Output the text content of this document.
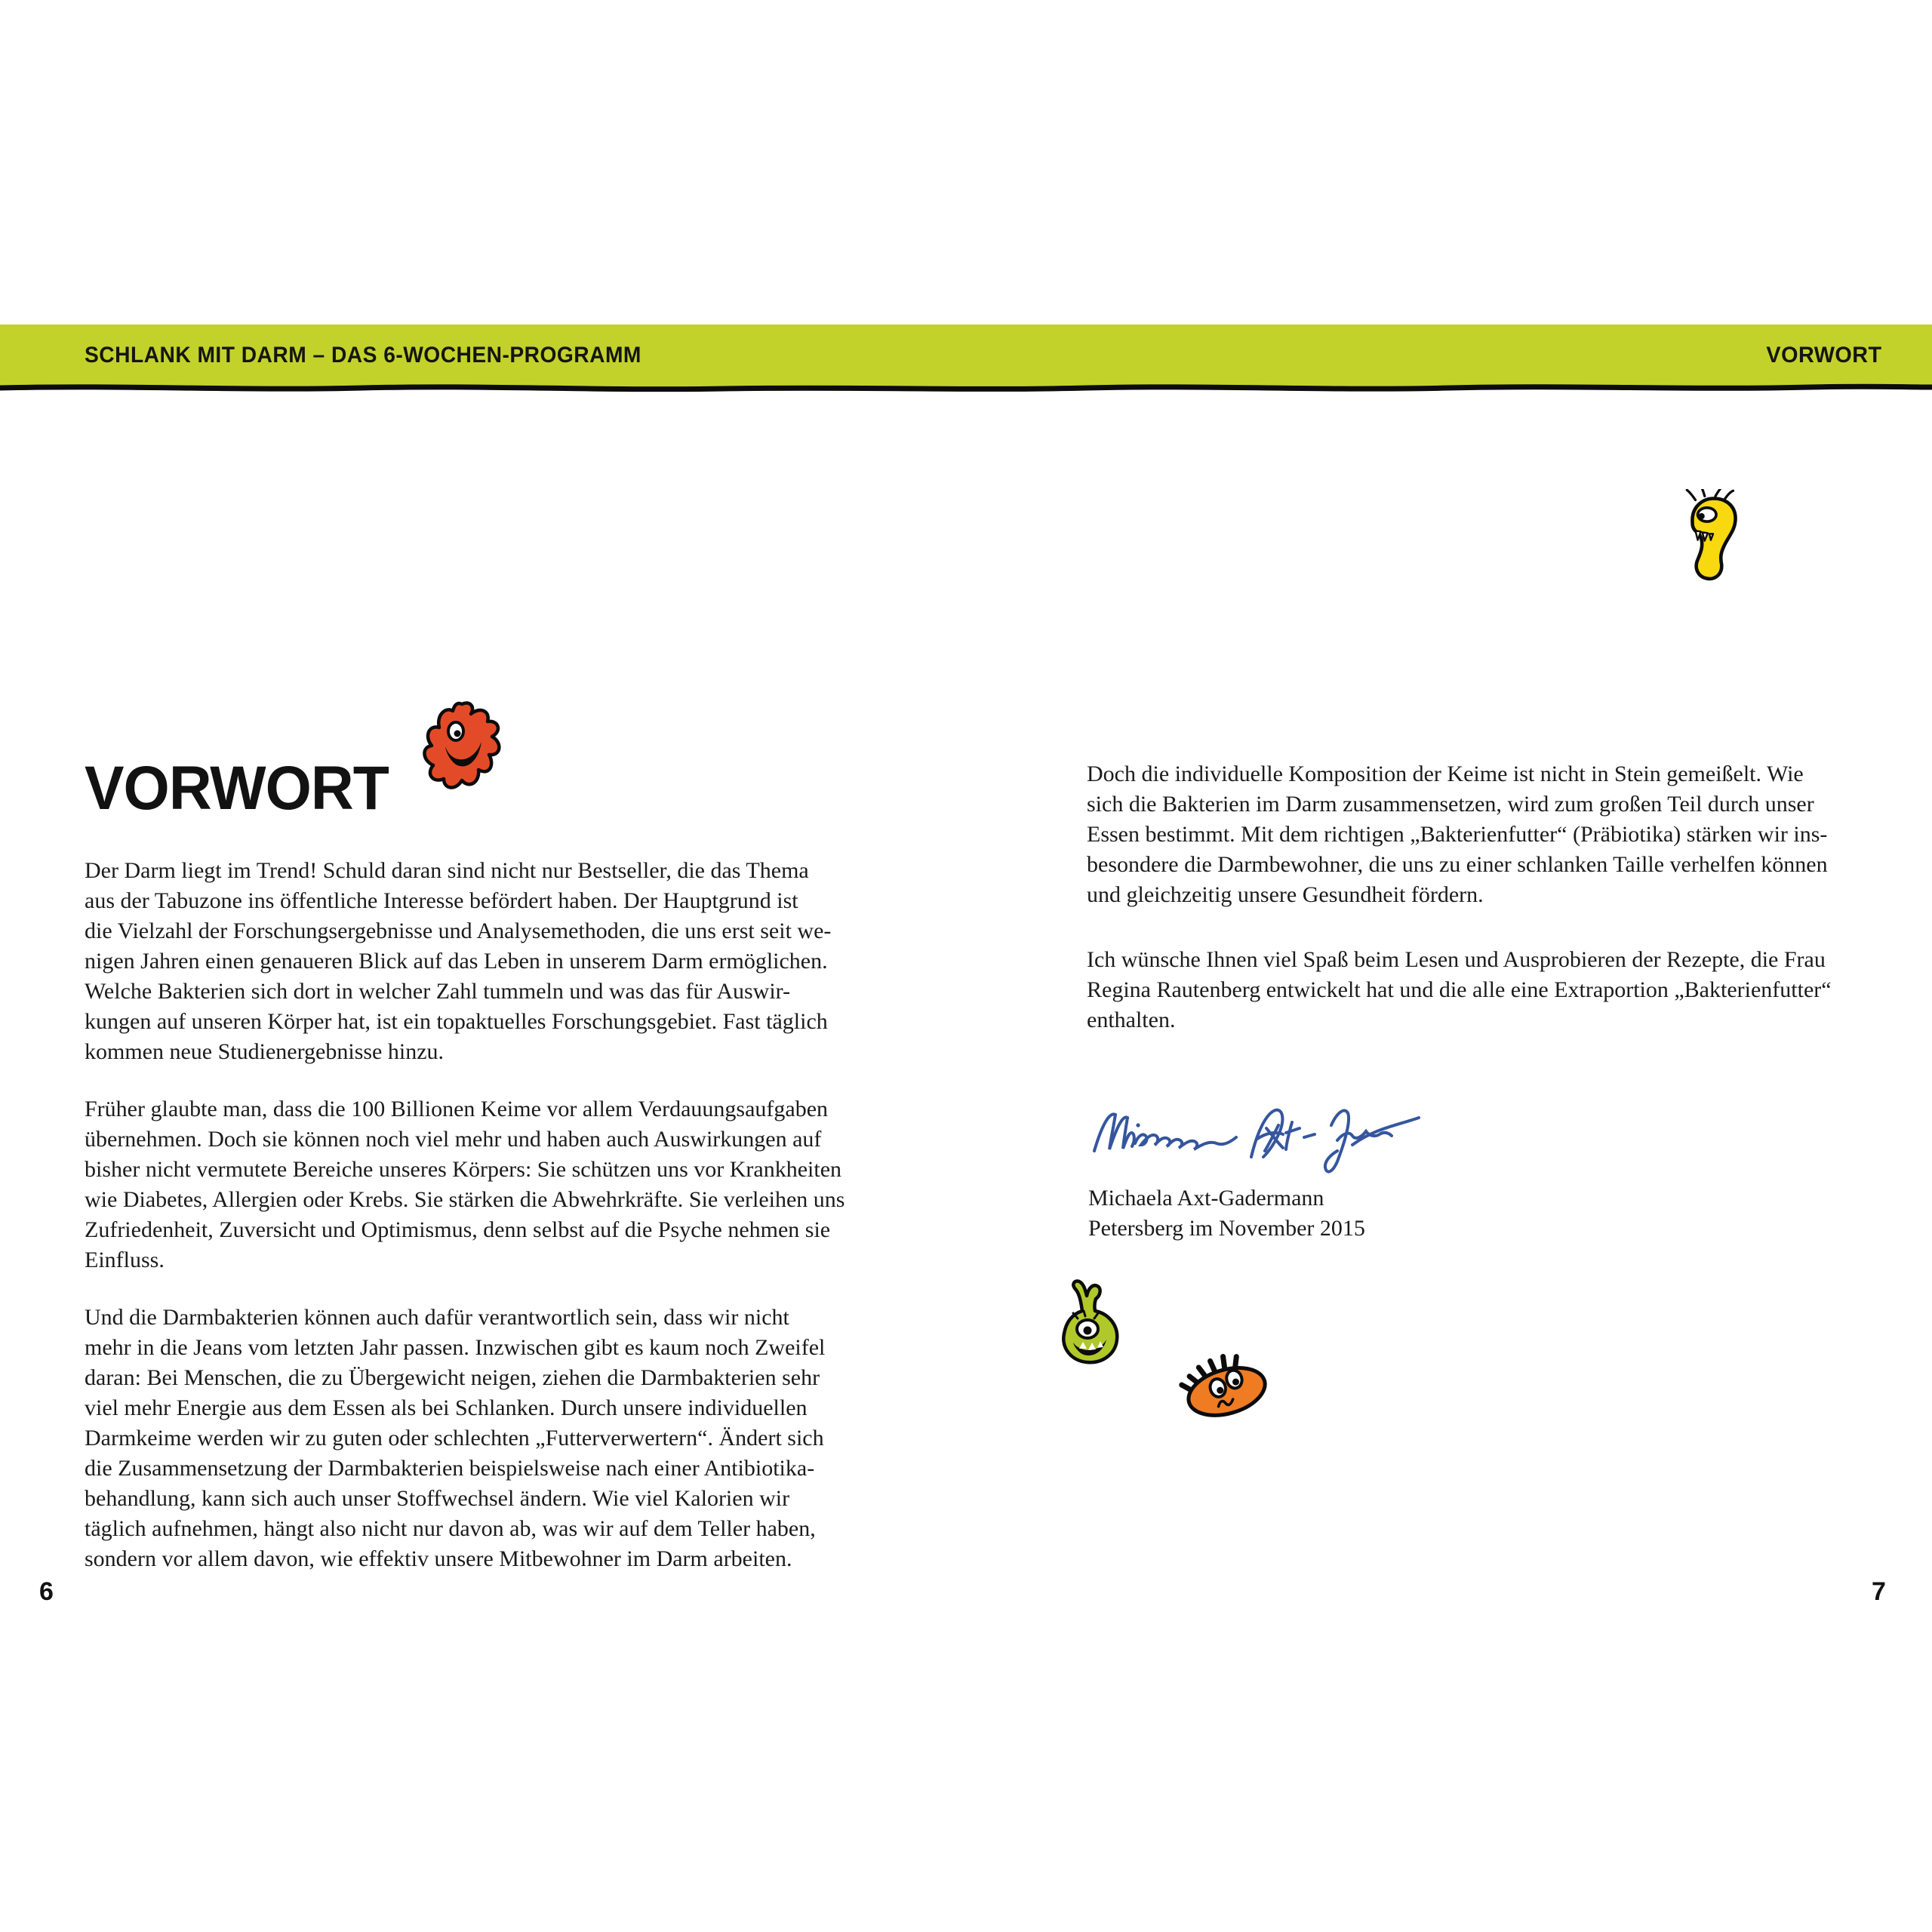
SCHLANK MIT DARM – DAS 6-WOCHEN-PROGRAMM	VORWORT
VORWORT

Der Darm liegt im Trend! Schuld daran sind nicht nur Bestseller, die das Thema
aus der Tabuzone ins öffentliche Interesse befördert haben. Der Hauptgrund ist
die Vielzahl der Forschungsergebnisse und Analysemethoden, die uns erst seit we-
nigen Jahren einen genaueren Blick auf das Leben in unserem Darm ermöglichen.
Welche Bakterien sich dort in welcher Zahl tummeln und was das für Auswir-
kungen auf unseren Körper hat, ist ein topaktuelles Forschungsgebiet. Fast täglich
kommen neue Studienergebnisse hinzu.

Früher glaubte man, dass die 100 Billionen Keime vor allem Verdauungsaufgaben
übernehmen. Doch sie können noch viel mehr und haben auch Auswirkungen auf
bisher nicht vermutete Bereiche unseres Körpers: Sie schützen uns vor Krankheiten
wie Diabetes, Allergien oder Krebs. Sie stärken die Abwehrkräfte. Sie verleihen uns
Zufriedenheit, Zuversicht und Optimismus, denn selbst auf die Psyche nehmen sie
Einfluss.

Und die Darmbakterien können auch dafür verantwortlich sein, dass wir nicht
mehr in die Jeans vom letzten Jahr passen. Inzwischen gibt es kaum noch Zweifel
daran: Bei Menschen, die zu Übergewicht neigen, ziehen die Darmbakterien sehr
viel mehr Energie aus dem Essen als bei Schlanken. Durch unsere individuellen
Darmkeime werden wir zu guten oder schlechten „Futterverwertern“. Ändert sich
die Zusammensetzung der Darmbakterien beispielsweise nach einer Antibiotika-
behandlung, kann sich auch unser Stoffwechsel ändern. Wie viel Kalorien wir
täglich aufnehmen, hängt also nicht nur davon ab, was wir auf dem Teller haben,
sondern vor allem davon, wie effektiv unsere Mitbewohner im Darm arbeiten.

6

Doch die individuelle Komposition der Keime ist nicht in Stein gemeißelt. Wie
sich die Bakterien im Darm zusammensetzen, wird zum großen Teil durch unser
Essen bestimmt. Mit dem richtigen „Bakterienfutter“ (Präbiotika) stärken wir ins-
besondere die Darmbewohner, die uns zu einer schlanken Taille verhelfen können
und gleichzeitig unsere Gesundheit fördern.

Ich wünsche Ihnen viel Spaß beim Lesen und Ausprobieren der Rezepte, die Frau
Regina Rautenberg entwickelt hat und die alle eine Extraportion „Bakterienfutter“
enthalten.

Michaela Axt-Gadermann
Petersberg im November 2015
7
